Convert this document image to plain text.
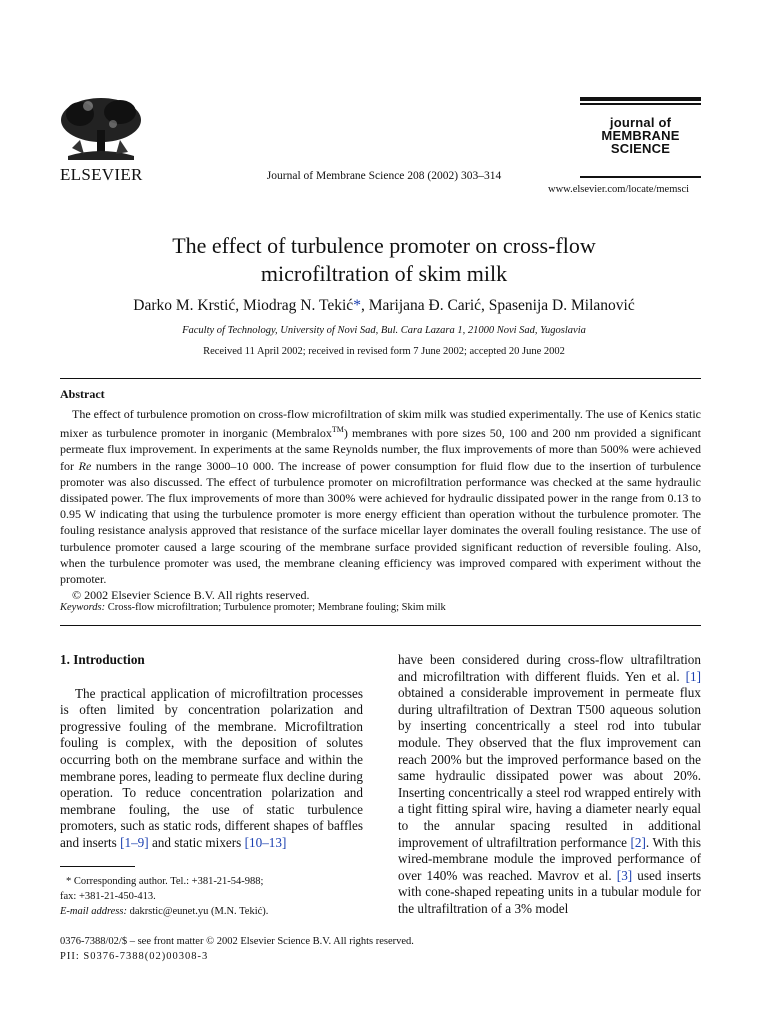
ELSEVIER	Journal of Membrane Science 208 (2002) 303–314
journal of
MEMBRANE
SCIENCE
www.elsevier.com/locate/memsci
The effect of turbulence promoter on cross-flow
microfiltration of skim milk
Darko M. Krstić, Miodrag N. Tekić*, Marijana Đ. Carić, Spasenija D. Milanović
Faculty of Technology, University of Novi Sad, Bul. Cara Lazara 1, 21000 Novi Sad, Yugoslavia
Received 11 April 2002; received in revised form 7 June 2002; accepted 20 June 2002
Abstract

The effect of turbulence promotion on cross-flow microfiltration of skim milk was studied experimentally. The use of Kenics static mixer as turbulence promoter in inorganic (Membralox™) membranes with pore sizes 50, 100 and 200 nm provided a significant permeate flux improvement. In experiments at the same Reynolds number, the flux improvements of more than 500% were achieved for Re numbers in the range 3000–10 000. The increase of power consumption for fluid flow due to the insertion of turbulence promoter was also discussed. The effect of turbulence promoter on microfiltration performance was checked at the same hydraulic dissipated power. The flux improvements of more than 300% were achieved for hydraulic dissipated power in the range from 0.13 to 0.95 W indicating that using the turbulence promoter is more energy efficient than operation without the turbulence promoter. The fouling resistance analysis approved that resistance of the surface micellar layer dominates the overall fouling resistance. The use of turbulence promoter caused a large scouring of the membrane surface provided significant reduction of reversible fouling. Also, when the turbulence promoter was used, the membrane cleaning efficiency was improved compared with experiment without the promoter.

© 2002 Elsevier Science B.V. All rights reserved.

Keywords: Cross-flow microfiltration; Turbulence promoter; Membrane fouling; Skim milk
1. Introduction

The practical application of microfiltration processes is often limited by concentration polarization and progressive fouling of the membrane. Microfiltration fouling is complex, with the deposition of solutes occurring both on the membrane surface and within the membrane pores, leading to permeate flux decline during operation. To reduce concentration polarization and membrane fouling, the use of static turbulence promoters, such as static rods, different shapes of baffles and inserts [1–9] and static mixers [10–13]

* Corresponding author. Tel.: +381-21-54-988;
fax: +381-21-450-413.
E-mail address: dakrstic@eunet.yu (M.N. Tekić).

have been considered during cross-flow ultrafiltration and microfiltration with different fluids. Yen et al. [1] obtained a considerable improvement in permeate flux during ultrafiltration of Dextran T500 aqueous solution by inserting concentrically a steel rod into tubular module. They observed that the flux improvement can reach 200% but the improved performance based on the same hydraulic dissipated power was about 20%. Inserting concentrically a steel rod wrapped entirely with a tight fitting spiral wire, having a diameter nearly equal to the annular spacing resulted in additional improvement of ultrafiltration performance [2]. With this wired-membrane module the improved performance of over 140% was reached. Mavrov et al. [3] used inserts with cone-shaped repeating units in a tubular module for the ultrafiltration of a 3% model

0376-7388/02/$ – see front matter © 2002 Elsevier Science B.V. All rights reserved.
PII: S0376-7388(02)00308-3
